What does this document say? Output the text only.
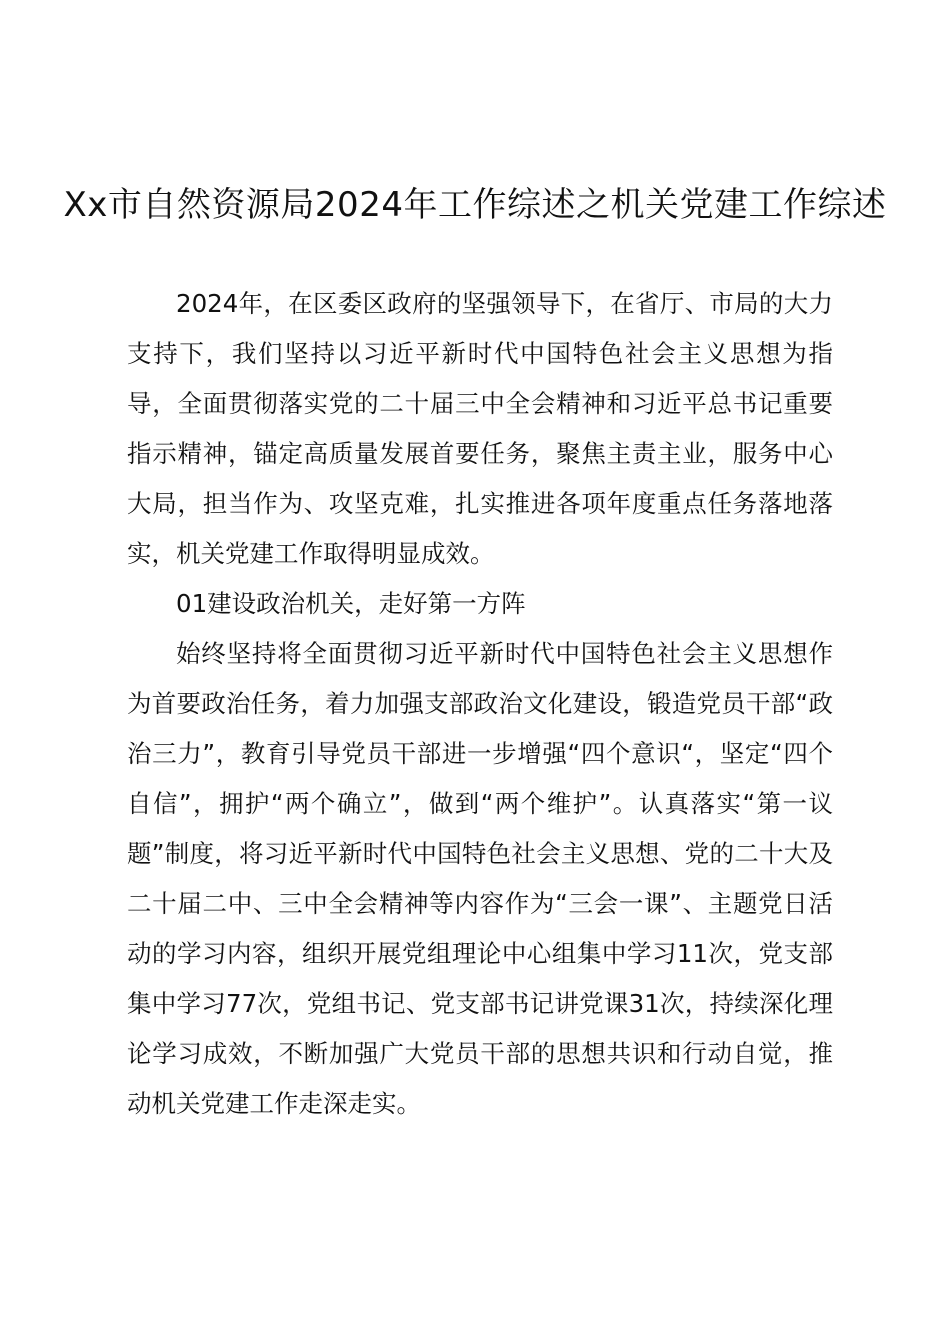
Xx市自然资源局2024年工作综述之机关党建工作综述

2024年，在区委区政府的坚强领导下，在省厅、市局的大力支持下，我们坚持以习近平新时代中国特色社会主义思想为指导，全面贯彻落实党的二十届三中全会精神和习近平总书记重要指示精神，锚定高质量发展首要任务，聚焦主责主业，服务中心大局，担当作为、攻坚克难，扎实推进各项年度重点任务落地落实，机关党建工作取得明显成效。

01建设政治机关，走好第一方阵

始终坚持将全面贯彻习近平新时代中国特色社会主义思想作为首要政治任务，着力加强支部政治文化建设，锻造党员干部“政治三力”，教育引导党员干部进一步增强“四个意识“，坚定“四个自信”，拥护“两个确立”，做到“两个维护”。认真落实“第一议题”制度，将习近平新时代中国特色社会主义思想、党的二十大及二十届二中、三中全会精神等内容作为“三会一课”、主题党日活动的学习内容，组织开展党组理论中心组集中学习11次，党支部集中学习77次，党组书记、党支部书记讲党课31次，持续深化理论学习成效，不断加强广大党员干部的思想共识和行动自觉，推动机关党建工作走深走实。
